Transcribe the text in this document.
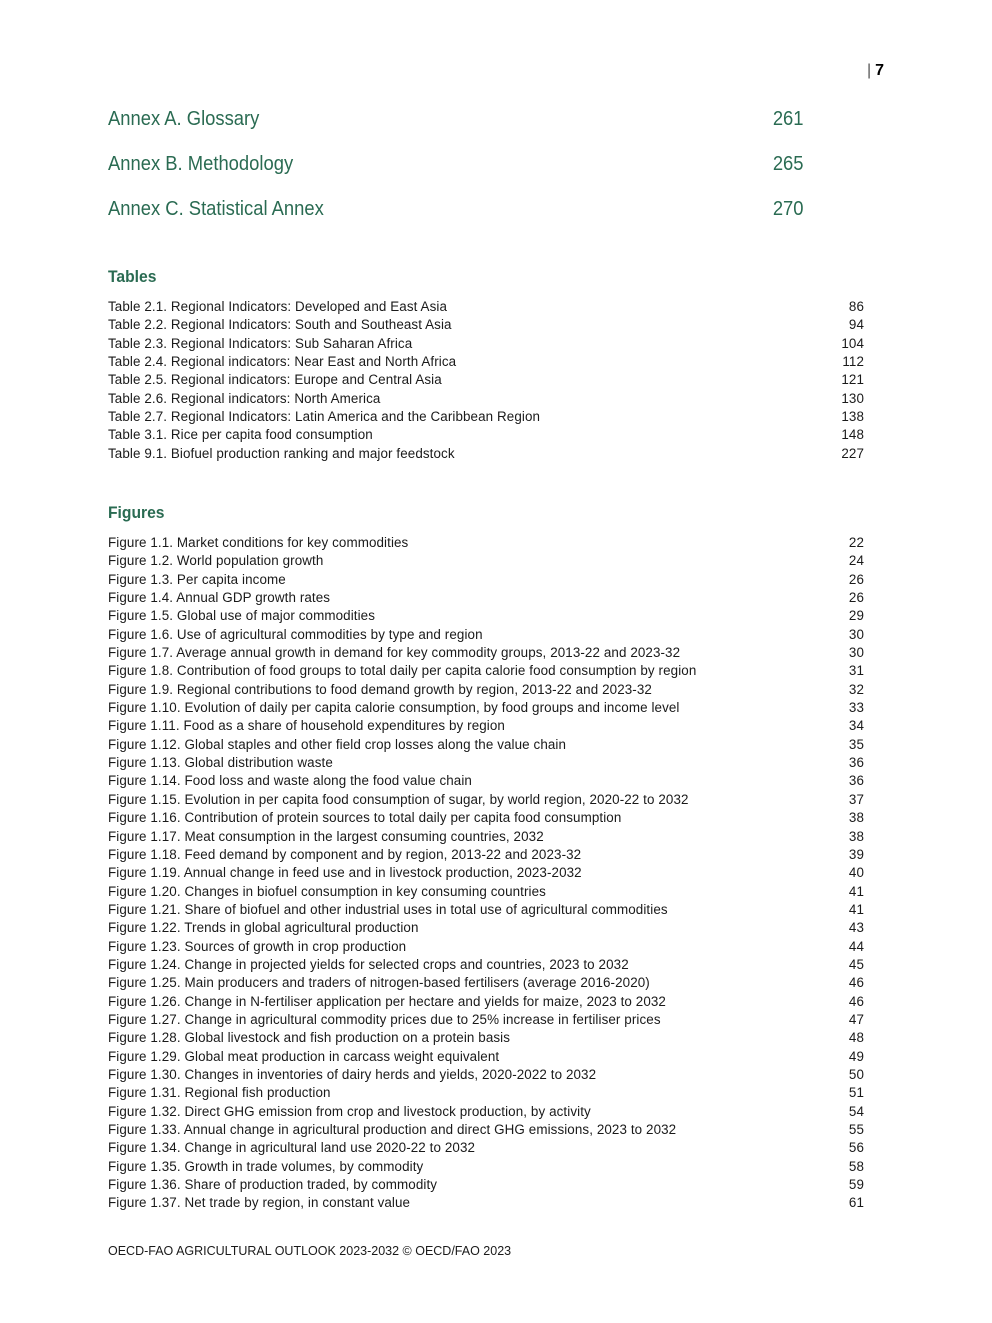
| 7
Annex A. Glossary	261
Annex B. Methodology	265
Annex C. Statistical Annex	270
Tables
Table 2.1. Regional Indicators: Developed and East Asia	86
Table 2.2. Regional Indicators: South and Southeast Asia	94
Table 2.3. Regional Indicators: Sub Saharan Africa	104
Table 2.4. Regional indicators: Near East and North Africa	112
Table 2.5. Regional indicators: Europe and Central Asia	121
Table 2.6. Regional indicators: North America	130
Table 2.7. Regional Indicators: Latin America and the Caribbean Region	138
Table 3.1. Rice per capita food consumption	148
Table 9.1. Biofuel production ranking and major feedstock	227
Figures
Figure 1.1. Market conditions for key commodities	22
Figure 1.2. World population growth	24
Figure 1.3. Per capita income	26
Figure 1.4. Annual GDP growth rates	26
Figure 1.5. Global use of major commodities	29
Figure 1.6. Use of agricultural commodities by type and region	30
Figure 1.7. Average annual growth in demand for key commodity groups, 2013-22 and 2023-32	30
Figure 1.8. Contribution of food groups to total daily per capita calorie food consumption by region	31
Figure 1.9. Regional contributions to food demand growth by region, 2013-22 and 2023-32	32
Figure 1.10. Evolution of daily per capita calorie consumption, by food groups and income level	33
Figure 1.11. Food as a share of household expenditures by region	34
Figure 1.12. Global staples and other field crop losses along the value chain	35
Figure 1.13. Global distribution waste	36
Figure 1.14. Food loss and waste along the food value chain	36
Figure 1.15. Evolution in per capita food consumption of sugar, by world region, 2020-22 to 2032	37
Figure 1.16. Contribution of protein sources to total daily per capita food consumption	38
Figure 1.17. Meat consumption in the largest consuming countries, 2032	38
Figure 1.18. Feed demand by component and by region, 2013-22 and 2023-32	39
Figure 1.19. Annual change in feed use and in livestock production, 2023-2032	40
Figure 1.20. Changes in biofuel consumption in key consuming countries	41
Figure 1.21. Share of biofuel and other industrial uses in total use of agricultural commodities	41
Figure 1.22. Trends in global agricultural production	43
Figure 1.23. Sources of growth in crop production	44
Figure 1.24. Change in projected yields for selected crops and countries, 2023 to 2032	45
Figure 1.25. Main producers and traders of nitrogen-based fertilisers (average 2016-2020)	46
Figure 1.26. Change in N-fertiliser application per hectare and yields for maize, 2023 to 2032	46
Figure 1.27. Change in agricultural commodity prices due to 25% increase in fertiliser prices	47
Figure 1.28. Global livestock and fish production on a protein basis	48
Figure 1.29. Global meat production in carcass weight equivalent	49
Figure 1.30. Changes in inventories of dairy herds and yields, 2020-2022 to 2032	50
Figure 1.31. Regional fish production	51
Figure 1.32. Direct GHG emission from crop and livestock production, by activity	54
Figure 1.33. Annual change in agricultural production and direct GHG emissions, 2023 to 2032	55
Figure 1.34. Change in agricultural land use 2020-22 to 2032	56
Figure 1.35. Growth in trade volumes, by commodity	58
Figure 1.36. Share of production traded, by commodity	59
Figure 1.37. Net trade by region, in constant value	61
OECD-FAO AGRICULTURAL OUTLOOK 2023-2032 © OECD/FAO 2023
